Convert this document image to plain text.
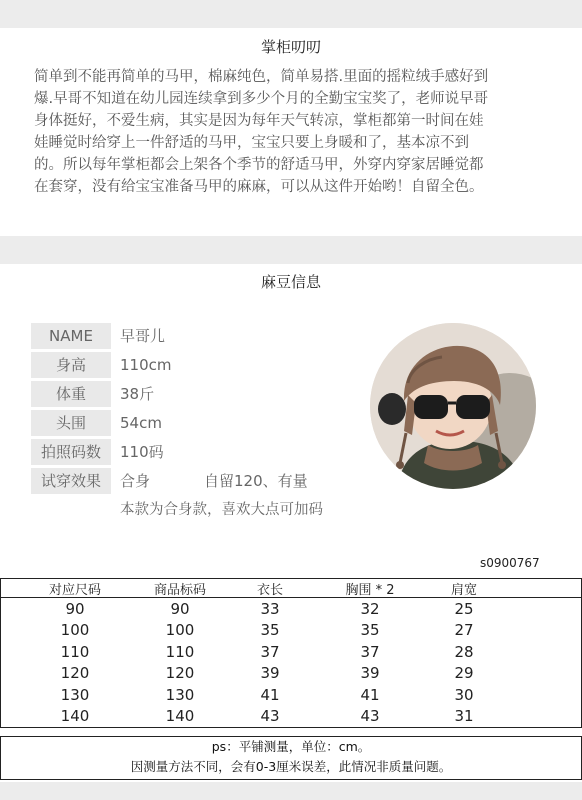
掌柜叨叨
简单到不能再简单的马甲，棉麻纯色，简单易搭.里面的摇粒绒手感好到
爆.早哥不知道在幼儿园连续拿到多少个月的全勤宝宝奖了，老师说早哥
身体挺好，不爱生病，其实是因为每年天气转凉，掌柜都第一时间在娃
娃睡觉时给穿上一件舒适的马甲，宝宝只要上身暖和了，基本凉不到
的。所以每年掌柜都会上架各个季节的舒适马甲，外穿内穿家居睡觉都
在套穿，没有给宝宝准备马甲的麻麻，可以从这件开始哟！自留全色。
麻豆信息
NAME	早哥儿
身高	110cm
体重	38斤
头围	54cm
拍照码数	110码
试穿效果	合身	自留120、有量
本款为合身款，喜欢大点可加码
s0900767
对应尺码	商品标码	衣长	胸围 * 2	肩宽
90	90	33	32	25
100	100	35	35	27
110	110	37	37	28
120	120	39	39	29
130	130	41	41	30
140	140	43	43	31
ps：平铺测量，单位：cm。
因测量方法不同，会有0-3厘米误差，此情况非质量问题。
